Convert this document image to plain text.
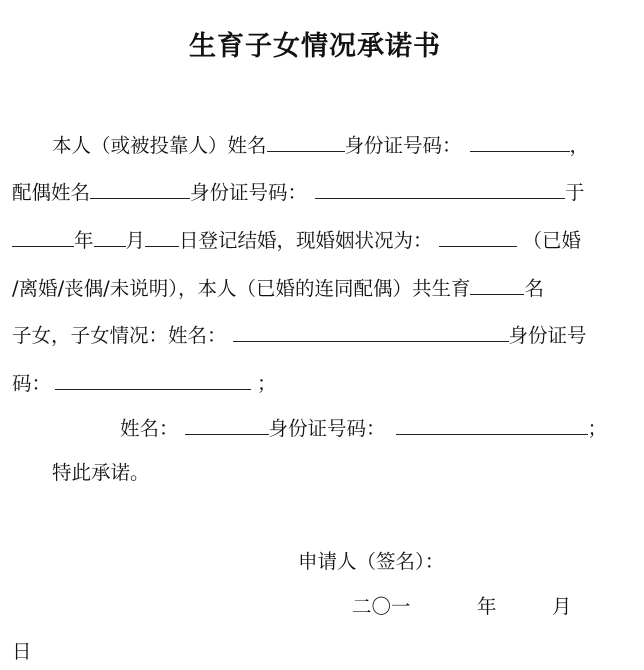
生育子女情况承诺书
本人（或被投靠人）姓名	身份证号码：	，
配偶姓名	身份证号码：	于
年 月 日登记结婚，现婚姻状况为：	（已婚
/离婚/丧偶/未说明），本人（已婚的连同配偶）共生育	名
子女，子女情况：姓名：	身份证号
码：	；
姓名：	身份证号码：	；
特此承诺。
申请人（签名）：
二〇一	年	月
日
